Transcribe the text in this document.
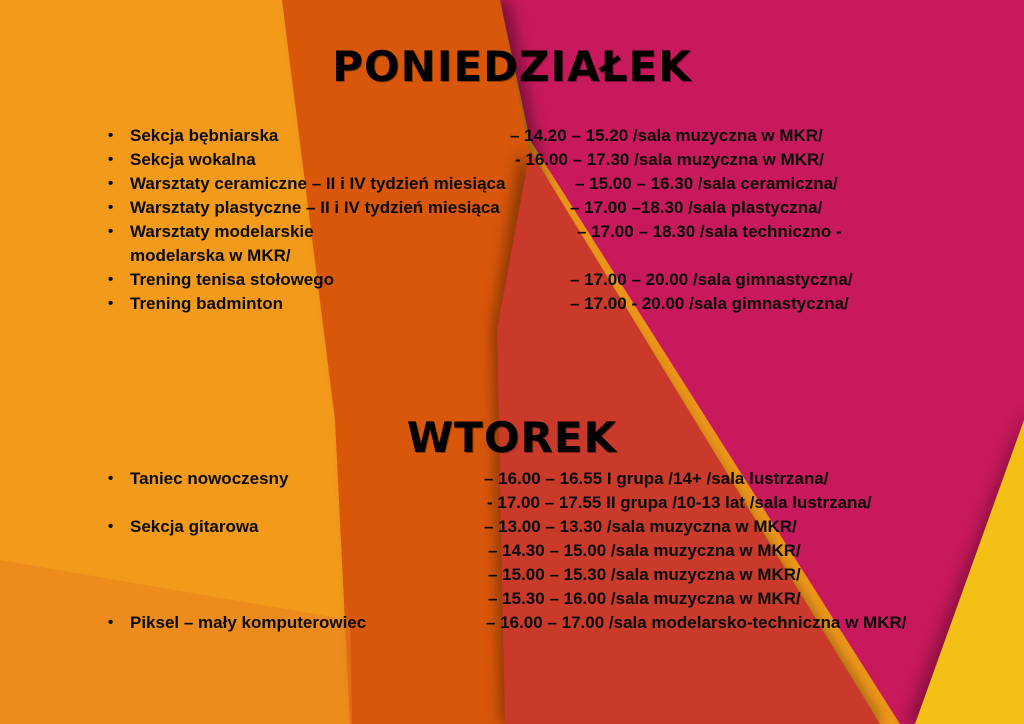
PONIEDZIAŁEK
• Sekcja bębniarska	– 14.20 – 15.20 /sala muzyczna w MKR/
• Sekcja wokalna	- 16.00 – 17.30 /sala muzyczna w MKR/
• Warsztaty ceramiczne – II i IV tydzień miesiąca	– 15.00 – 16.30 /sala ceramiczna/
• Warsztaty plastyczne – II i IV tydzień miesiąca	– 17.00 –18.30 /sala plastyczna/
• Warsztaty modelarskie	– 17.00 – 18.30 /sala techniczno -
modelarska w MKR/
• Trening tenisa stołowego	– 17.00 – 20.00 /sala gimnastyczna/
• Trening badminton	– 17.00 - 20.00 /sala gimnastyczna/
WTOREK
• Taniec nowoczesny	– 16.00 – 16.55 I grupa /14+ /sala lustrzana/
- 17.00 – 17.55 II grupa /10-13 lat /sala lustrzana/
• Sekcja gitarowa	– 13.00 – 13.30 /sala muzyczna w MKR/
– 14.30 – 15.00 /sala muzyczna w MKR/
– 15.00 – 15.30 /sala muzyczna w MKR/
– 15.30 – 16.00 /sala muzyczna w MKR/
• Piksel – mały komputerowiec	– 16.00 – 17.00 /sala modelarsko-techniczna w MKR/
